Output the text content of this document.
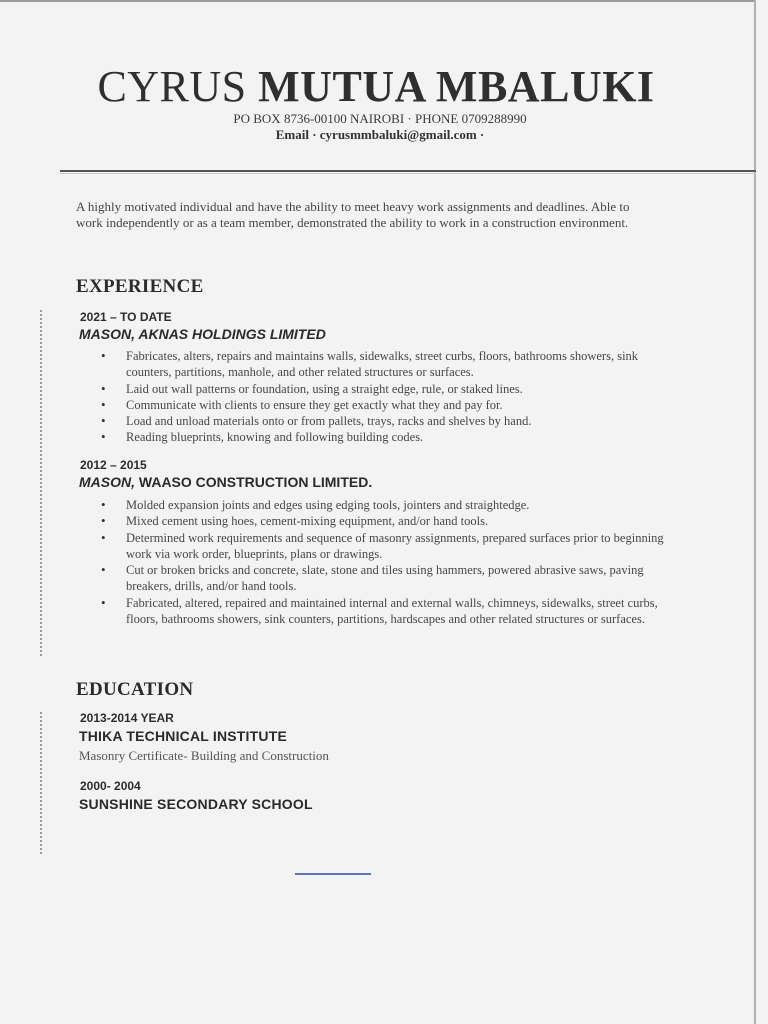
CYRUS MUTUA MBALUKI
PO BOX 8736-00100 NAIROBI · PHONE 0709288990
Email · cyrusmmbaluki@gmail.com ·
A highly motivated individual and have the ability to meet heavy work assignments and deadlines. Able to work independently or as a team member, demonstrated the ability to work in a construction environment.
EXPERIENCE
2021 – TO DATE
MASON, AKNAS HOLDINGS LIMITED
• Fabricates, alters, repairs and maintains walls, sidewalks, street curbs, floors, bathrooms showers, sink counters, partitions, manhole, and other related structures or surfaces.
• Laid out wall patterns or foundation, using a straight edge, rule, or staked lines.
• Communicate with clients to ensure they get exactly what they and pay for.
• Load and unload materials onto or from pallets, trays, racks and shelves by hand.
• Reading blueprints, knowing and following building codes.
2012 – 2015
MASON, WAASO CONSTRUCTION LIMITED.
• Molded expansion joints and edges using edging tools, jointers and straightedge.
• Mixed cement using hoes, cement-mixing equipment, and/or hand tools.
• Determined work requirements and sequence of masonry assignments, prepared surfaces prior to beginning work via work order, blueprints, plans or drawings.
• Cut or broken bricks and concrete, slate, stone and tiles using hammers, powered abrasive saws, paving breakers, drills, and/or hand tools.
• Fabricated, altered, repaired and maintained internal and external walls, chimneys, sidewalks, street curbs, floors, bathrooms showers, sink counters, partitions, hardscapes and other related structures or surfaces.
EDUCATION
2013-2014 YEAR
THIKA TECHNICAL INSTITUTE
Masonry Certificate- Building and Construction
2000- 2004
SUNSHINE SECONDARY SCHOOL
